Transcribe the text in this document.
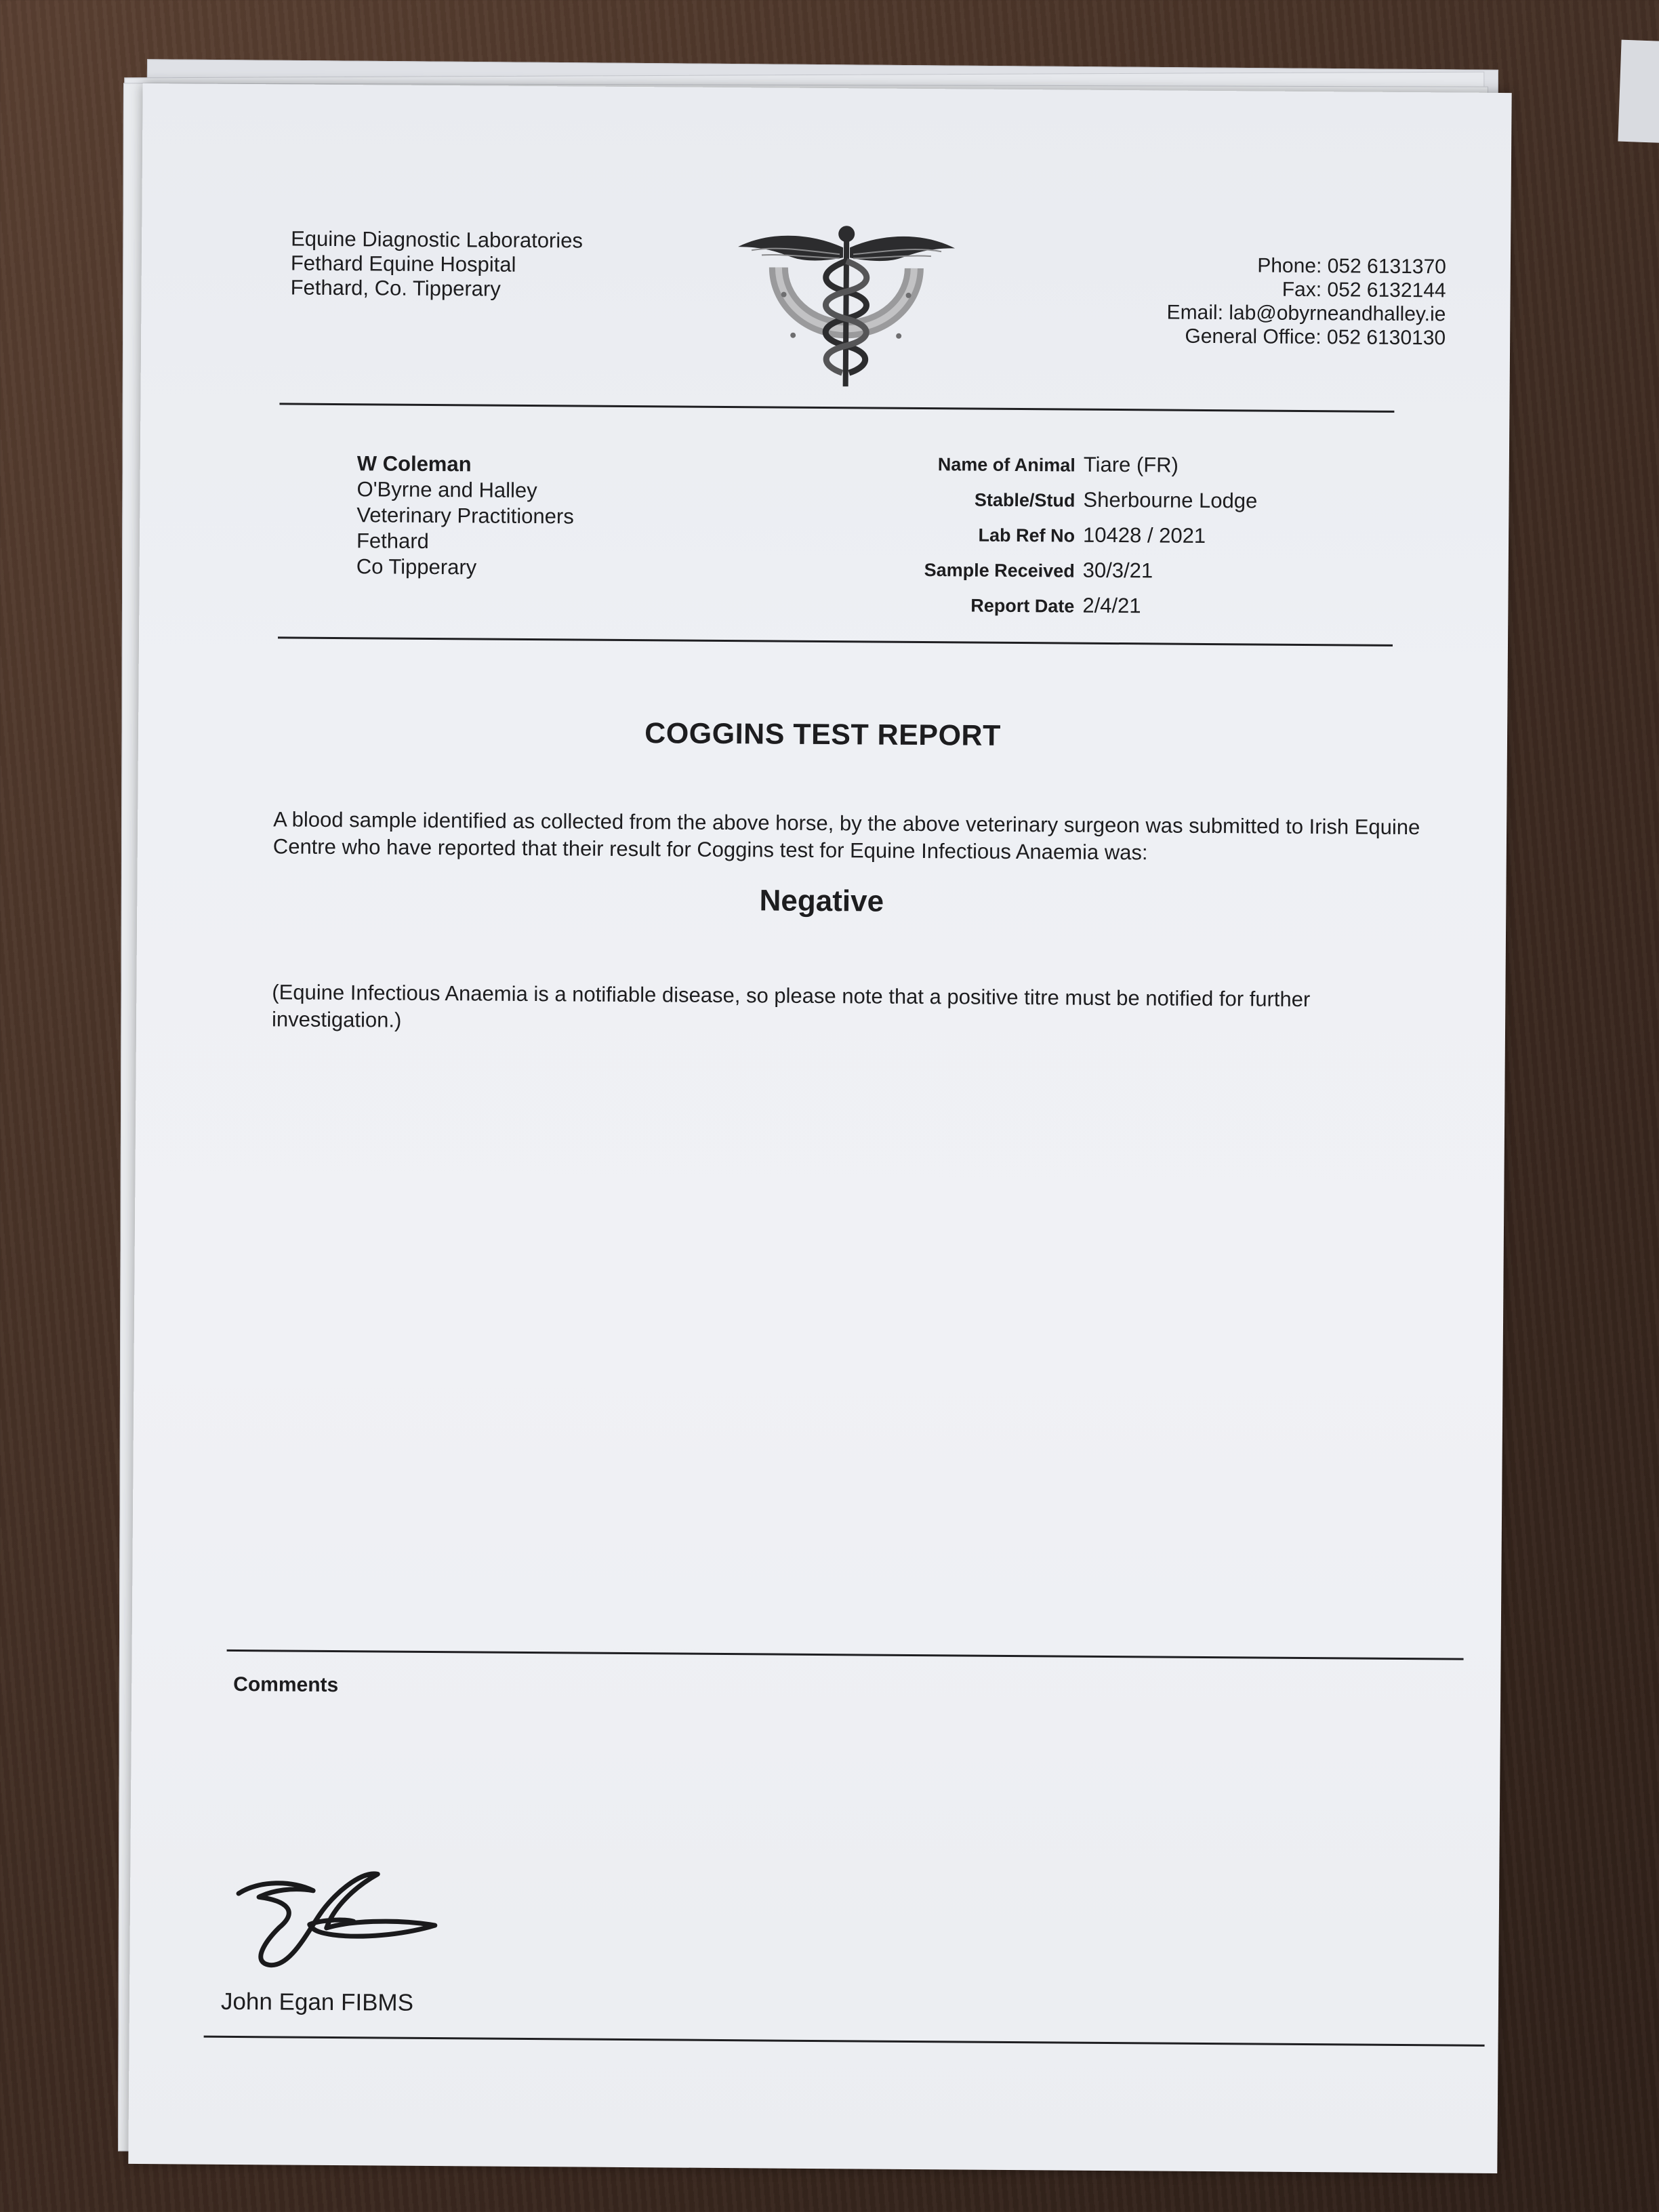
Equine Diagnostic Laboratories
Fethard Equine Hospital
Fethard, Co. Tipperary
Phone: 052 6131370
Fax: 052 6132144
Email: lab@obyrneandhalley.ie
General Office: 052 6130130
W Coleman
O'Byrne and Halley
Veterinary Practitioners
Fethard
Co Tipperary
Name of Animal Tiare (FR)
Stable/Stud Sherbourne Lodge
Lab Ref No 10428 / 2021
Sample Received 30/3/21
Report Date 2/4/21
COGGINS TEST REPORT
A blood sample identified as collected from the above horse, by the above veterinary surgeon was submitted to Irish Equine Centre who have reported that their result for Coggins test for Equine Infectious Anaemia was:
Negative
(Equine Infectious Anaemia is a notifiable disease, so please note that a positive titre must be notified for further investigation.)
Comments
John Egan FIBMS
